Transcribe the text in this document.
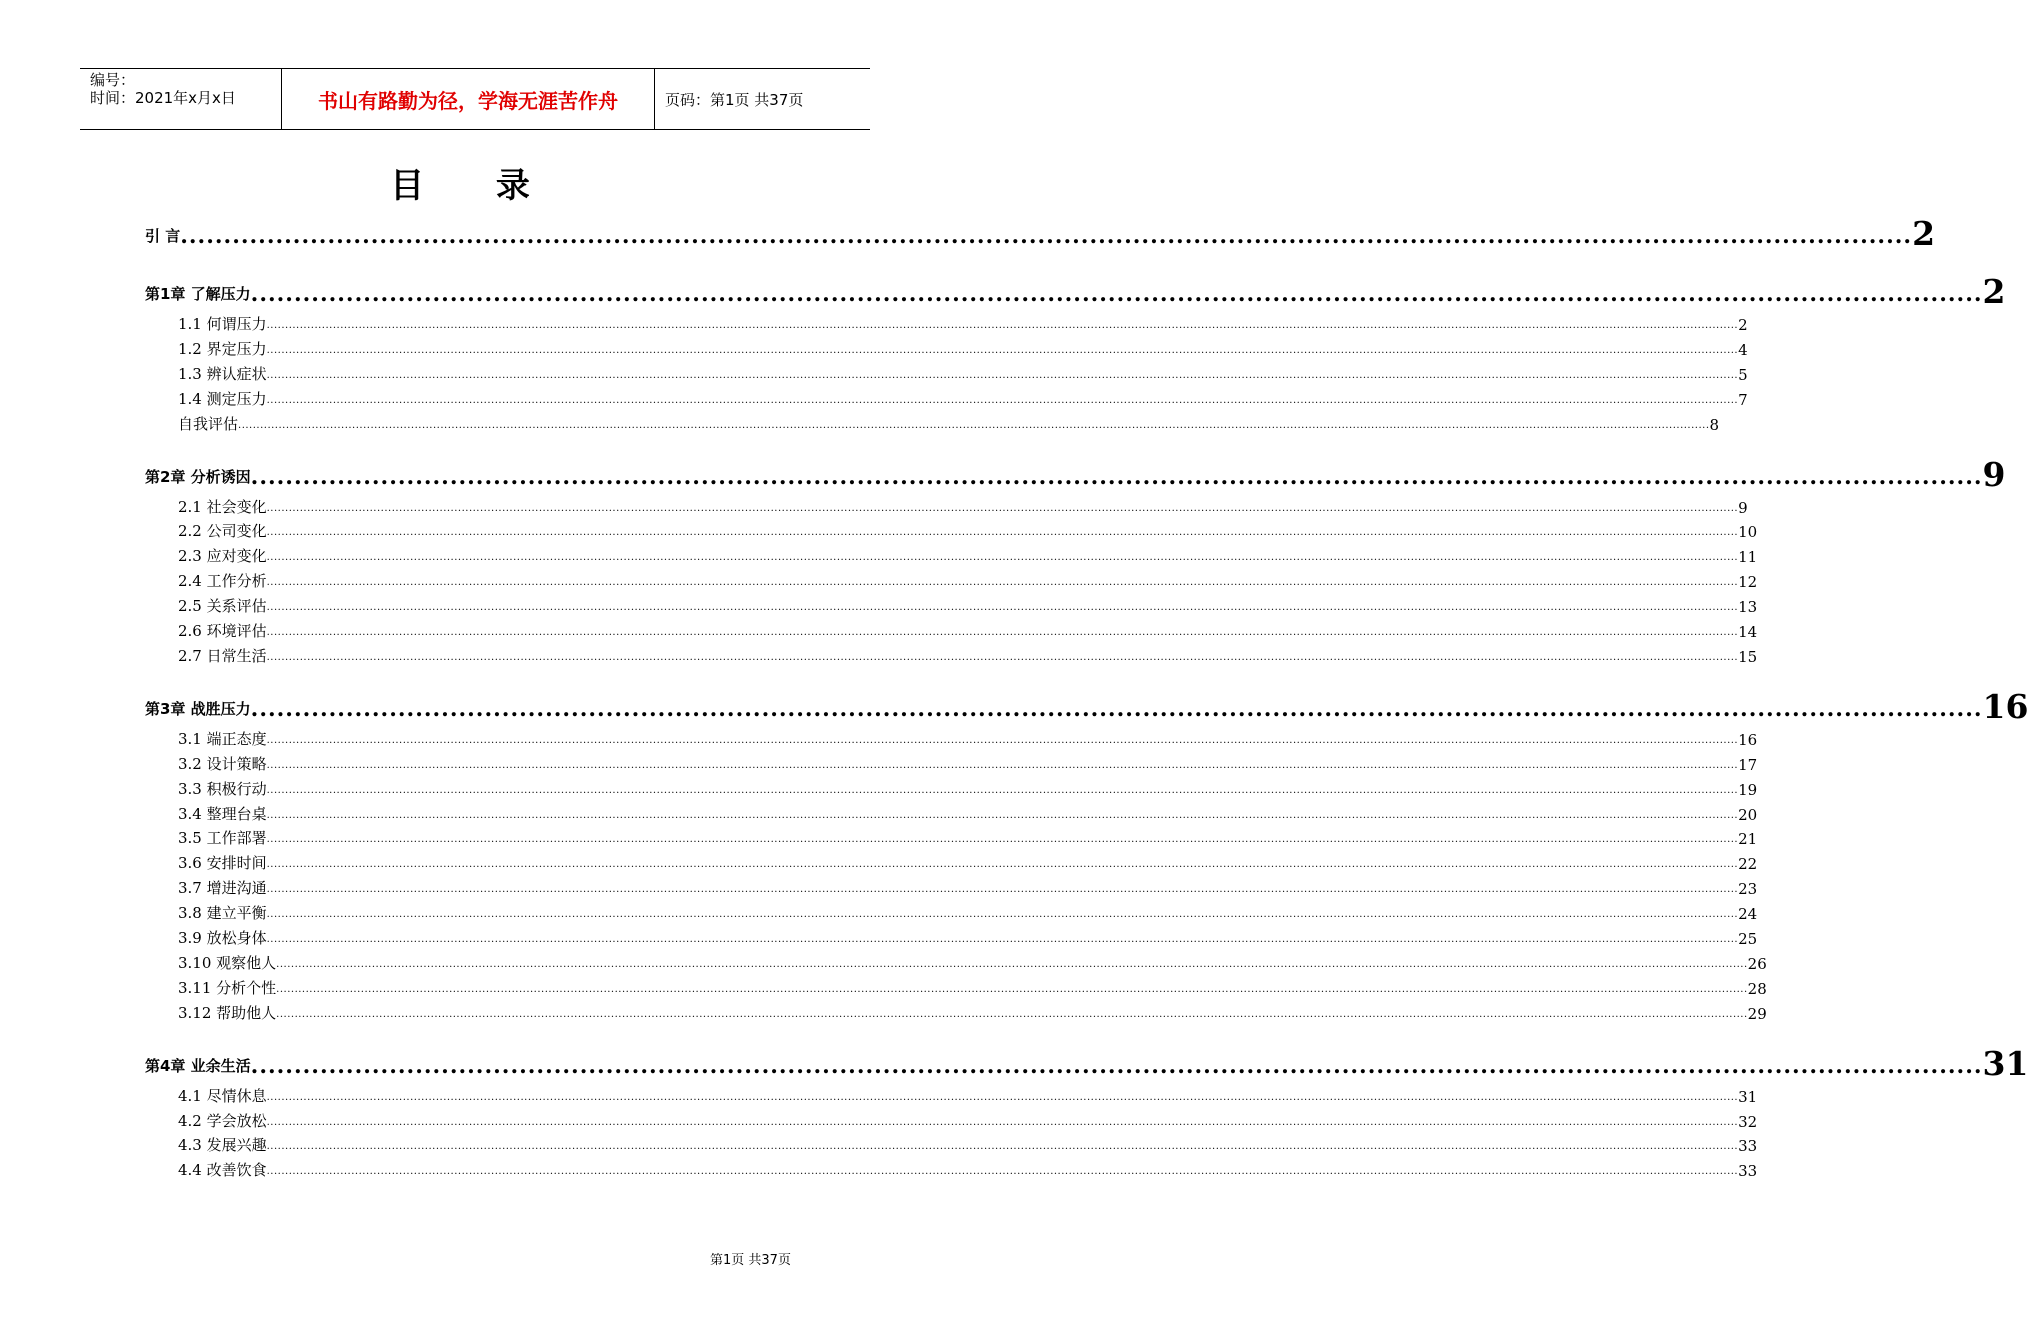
编号：
时间：2021年x月x日	书山有路勤为径，学海无涯苦作舟	页码：第1页 共37页
目 录
引 言 ........................................................................................................................................................................................................ 2
第1章 了解压力 ........................................................................................................................................................................................................ 2
1.1 何谓压力 ................................................................................................................................................................................................................................................................................................................................................................................................................ 2
1.2 界定压力 ................................................................................................................................................................................................................................................................................................................................................................................................................ 4
1.3 辨认症状 ................................................................................................................................................................................................................................................................................................................................................................................................................ 5
1.4 测定压力 ................................................................................................................................................................................................................................................................................................................................................................................................................ 7
自我评估 ................................................................................................................................................................................................................................................................................................................................................................................................................ 8
第2章 分析诱因 ........................................................................................................................................................................................................ 9
2.1 社会变化 ................................................................................................................................................................................................................................................................................................................................................................................................................ 9
2.2 公司变化 ................................................................................................................................................................................................................................................................................................................................................................................................................ 10
2.3 应对变化 ................................................................................................................................................................................................................................................................................................................................................................................................................ 11
2.4 工作分析 ................................................................................................................................................................................................................................................................................................................................................................................................................ 12
2.5 关系评估 ................................................................................................................................................................................................................................................................................................................................................................................................................ 13
2.6 环境评估 ................................................................................................................................................................................................................................................................................................................................................................................................................ 14
2.7 日常生活 ................................................................................................................................................................................................................................................................................................................................................................................................................ 15
第3章 战胜压力 ........................................................................................................................................................................................................ 16
3.1 端正态度 ................................................................................................................................................................................................................................................................................................................................................................................................................ 16
3.2 设计策略 ................................................................................................................................................................................................................................................................................................................................................................................................................ 17
3.3 积极行动 ................................................................................................................................................................................................................................................................................................................................................................................................................ 19
3.4 整理台桌 ................................................................................................................................................................................................................................................................................................................................................................................................................ 20
3.5 工作部署 ................................................................................................................................................................................................................................................................................................................................................................................................................ 21
3.6 安排时间 ................................................................................................................................................................................................................................................................................................................................................................................................................ 22
3.7 增进沟通 ................................................................................................................................................................................................................................................................................................................................................................................................................ 23
3.8 建立平衡 ................................................................................................................................................................................................................................................................................................................................................................................................................ 24
3.9 放松身体 ................................................................................................................................................................................................................................................................................................................................................................................................................ 25
3.10 观察他人 ................................................................................................................................................................................................................................................................................................................................................................................................................ 26
3.11 分析个性 ................................................................................................................................................................................................................................................................................................................................................................................................................ 28
3.12 帮助他人 ................................................................................................................................................................................................................................................................................................................................................................................................................ 29
第4章 业余生活 ........................................................................................................................................................................................................ 31
4.1 尽情休息 ................................................................................................................................................................................................................................................................................................................................................................................................................ 31
4.2 学会放松 ................................................................................................................................................................................................................................................................................................................................................................................................................ 32
4.3 发展兴趣 ................................................................................................................................................................................................................................................................................................................................................................................................................ 33
4.4 改善饮食 ................................................................................................................................................................................................................................................................................................................................................................................................................ 33
第1页 共37页
